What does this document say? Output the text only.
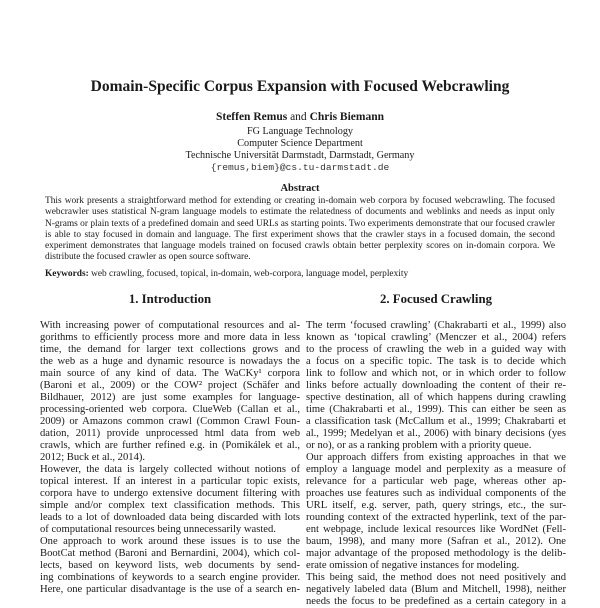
Domain-Specific Corpus Expansion with Focused Webcrawling
Steffen Remus and Chris Biemann
FG Language Technology
Computer Science Department
Technische Universität Darmstadt, Darmstadt, Germany
{remus,biem}@cs.tu-darmstadt.de
Abstract
This work presents a straightforward method for extending or creating in-domain web corpora by focused webcrawling. The focused
webcrawler uses statistical N-gram language models to estimate the relatedness of documents and weblinks and needs as input only
N-grams or plain texts of a predefined domain and seed URLs as starting points. Two experiments demonstrate that our focused crawler
is able to stay focused in domain and language. The first experiment shows that the crawler stays in a focused domain, the second
experiment demonstrates that language models trained on focused crawls obtain better perplexity scores on in-domain corpora. We
distribute the focused crawler as open source software.
Keywords: web crawling, focused, topical, in-domain, web-corpora, language model, perplexity
1. Introduction	2. Focused Crawling
With increasing power of computational resources and al-
gorithms to efficiently process more and more data in less
time, the demand for larger text collections grows and
the web as a huge and dynamic resource is nowadays the
main source of any kind of data. The WaCKy¹ corpora
(Baroni et al., 2009) or the COW² project (Schäfer and
Bildhauer, 2012) are just some examples for language-
processing-oriented web corpora. ClueWeb (Callan et al.,
2009) or Amazons common crawl (Common Crawl Foun-
dation, 2011) provide unprocessed html data from web
crawls, which are further refined e.g. in (Pomikálek et al.,
2012; Buck et al., 2014).
However, the data is largely collected without notions of
topical interest. If an interest in a particular topic exists,
corpora have to undergo extensive document filtering with
simple and/or complex text classification methods. This
leads to a lot of downloaded data being discarded with lots
of computational resources being unnecessarily wasted.
One approach to work around these issues is to use the
BootCat method (Baroni and Bernardini, 2004), which col-
lects, based on keyword lists, web documents by send-
ing combinations of keywords to a search engine provider.
Here, one particular disadvantage is the use of a search en-
The term ‘focused crawling’ (Chakrabarti et al., 1999) also
known as ‘topical crawling’ (Menczer et al., 2004) refers
to the process of crawling the web in a guided way with
a focus on a specific topic. The task is to decide which
link to follow and which not, or in which order to follow
links before actually downloading the content of their re-
spective destination, all of which happens during crawling
time (Chakrabarti et al., 1999). This can either be seen as
a classification task (McCallum et al., 1999; Chakrabarti et
al., 1999; Medelyan et al., 2006) with binary decisions (yes
or no), or as a ranking problem with a priority queue.
Our approach differs from existing approaches in that we
employ a language model and perplexity as a measure of
relevance for a particular web page, whereas other ap-
proaches use features such as individual components of the
URL itself, e.g. server, path, query strings, etc., the sur-
rounding context of the extracted hyperlink, text of the par-
ent webpage, include lexical resources like WordNet (Fell-
baum, 1998), and many more (Safran et al., 2012). One
major advantage of the proposed methodology is the delib-
erate omission of negative instances for modeling.
This being said, the method does not need positively and
negatively labeled data (Blum and Mitchell, 1998), neither
needs the focus to be predefined as a certain category in a
